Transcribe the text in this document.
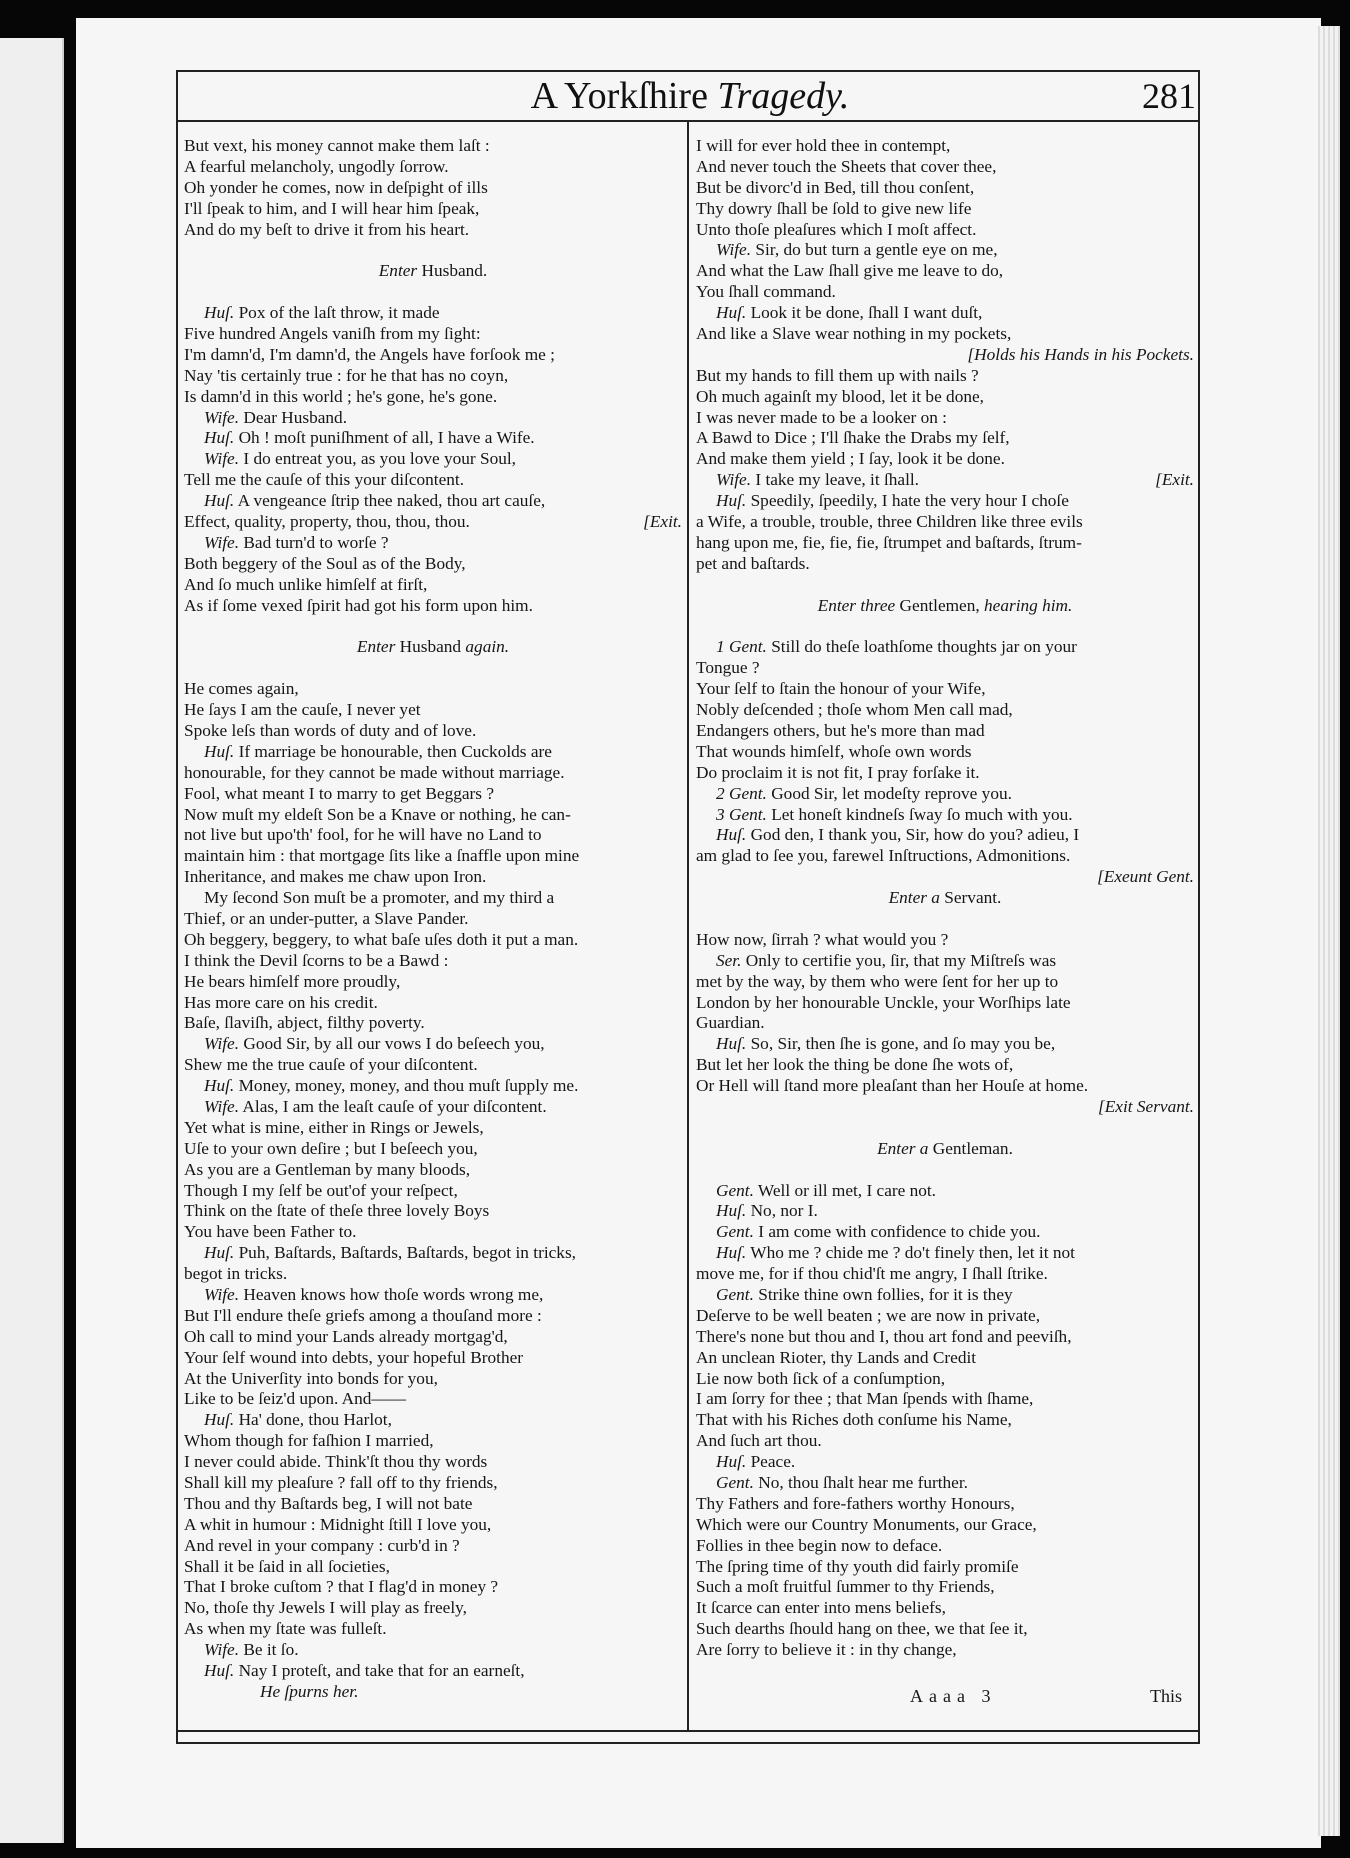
A Yorkſhire Tragedy.	281
But vext, his money cannot make them laſt :
A fearful melancholy, ungodly ſorrow.
Oh yonder he comes, now in deſpight of ills
I'll ſpeak to him, and I will hear him ſpeak,
And do my beſt to drive it from his heart.
Enter Husband.
Huſ. Pox of the laſt throw, it made
Five hundred Angels vaniſh from my ſight:
I'm damn'd, I'm damn'd, the Angels have forſook me ;
Nay 'tis certainly true : for he that has no coyn,
Is damn'd in this world ; he's gone, he's gone.
Wife. Dear Husband.
Huſ. Oh ! moſt puniſhment of all, I have a Wife.
Wife. I do entreat you, as you love your Soul,
Tell me the cauſe of this your diſcontent.
Huſ. A vengeance ſtrip thee naked, thou art cauſe,
Effect, quality, property, thou, thou, thou.	[Exit.
Wife. Bad turn'd to worſe ?
Both beggery of the Soul as of the Body,
And ſo much unlike himſelf at firſt,
As if ſome vexed ſpirit had got his form upon him.
Enter Husband again.
He comes again,
He ſays I am the cauſe, I never yet
Spoke leſs than words of duty and of love.
Huſ. If marriage be honourable, then Cuckolds are
honourable, for they cannot be made without marriage.
Fool, what meant I to marry to get Beggars ?
Now muſt my eldeſt Son be a Knave or nothing, he can-
not live but upo'th' fool, for he will have no Land to
maintain him : that mortgage ſits like a ſnaffle upon mine
Inheritance, and makes me chaw upon Iron.
My ſecond Son muſt be a promoter, and my third a
Thief, or an under-putter, a Slave Pander.
Oh beggery, beggery, to what baſe uſes doth it put a man.
I think the Devil ſcorns to be a Bawd :
He bears himſelf more proudly,
Has more care on his credit.
Baſe, ſlaviſh, abject, filthy poverty.
Wife. Good Sir, by all our vows I do beſeech you,
Shew me the true cauſe of your diſcontent.
Huſ. Money, money, money, and thou muſt ſupply me.
Wife. Alas, I am the leaſt cauſe of your diſcontent.
Yet what is mine, either in Rings or Jewels,
Uſe to your own deſire ; but I beſeech you,
As you are a Gentleman by many bloods,
Though I my ſelf be out'of your reſpect,
Think on the ſtate of theſe three lovely Boys
You have been Father to.
Huſ. Puh, Baſtards, Baſtards, Baſtards, begot in tricks,
begot in tricks.
Wife. Heaven knows how thoſe words wrong me,
But I'll endure theſe griefs among a thouſand more :
Oh call to mind your Lands already mortgag'd,
Your ſelf wound into debts, your hopeful Brother
At the Univerſity into bonds for you,
Like to be ſeiz'd upon. And——
Huſ. Ha' done, thou Harlot,
Whom though for faſhion I married,
I never could abide. Think'ſt thou thy words
Shall kill my pleaſure ? fall off to thy friends,
Thou and thy Baſtards beg, I will not bate
A whit in humour : Midnight ſtill I love you,
And revel in your company : curb'd in ?
Shall it be ſaid in all ſocieties,
That I broke cuſtom ? that I flag'd in money ?
No, thoſe thy Jewels I will play as freely,
As when my ſtate was fulleſt.
Wife. Be it ſo.
Huſ. Nay I proteſt, and take that for an earneſt,
He ſpurns her.
I will for ever hold thee in contempt,
And never touch the Sheets that cover thee,
But be divorc'd in Bed, till thou conſent,
Thy dowry ſhall be ſold to give new life
Unto thoſe pleaſures which I moſt affect.
Wife. Sir, do but turn a gentle eye on me,
And what the Law ſhall give me leave to do,
You ſhall command.
Huſ. Look it be done, ſhall I want duſt,
And like a Slave wear nothing in my pockets,
[Holds his Hands in his Pockets.
But my hands to fill them up with nails ?
Oh much againſt my blood, let it be done,
I was never made to be a looker on :
A Bawd to Dice ; I'll ſhake the Drabs my ſelf,
And make them yield ; I ſay, look it be done.
Wife. I take my leave, it ſhall.	[Exit.
Huſ. Speedily, ſpeedily, I hate the very hour I choſe
a Wife, a trouble, trouble, three Children like three evils
hang upon me, fie, fie, fie, ſtrumpet and baſtards, ſtrum-
pet and baſtards.
Enter three Gentlemen, hearing him.
1 Gent. Still do theſe loathſome thoughts jar on your
Tongue ?
Your ſelf to ſtain the honour of your Wife,
Nobly deſcended ; thoſe whom Men call mad,
Endangers others, but he's more than mad
That wounds himſelf, whoſe own words
Do proclaim it is not fit, I pray forſake it.
2 Gent. Good Sir, let modeſty reprove you.
3 Gent. Let honeſt kindneſs ſway ſo much with you.
Huſ. God den, I thank you, Sir, how do you? adieu, I
am glad to ſee you, farewel Inſtructions, Admonitions.
[Exeunt Gent.
Enter a Servant.
How now, ſirrah ? what would you ?
Ser. Only to certifie you, ſir, that my Miſtreſs was
met by the way, by them who were ſent for her up to
London by her honourable Unckle, your Worſhips late
Guardian.
Huſ. So, Sir, then ſhe is gone, and ſo may you be,
But let her look the thing be done ſhe wots of,
Or Hell will ſtand more pleaſant than her Houſe at home.
[Exit Servant.
Enter a Gentleman.
Gent. Well or ill met, I care not.
Huſ. No, nor I.
Gent. I am come with confidence to chide you.
Huſ. Who me ? chide me ? do't finely then, let it not
move me, for if thou chid'ſt me angry, I ſhall ſtrike.
Gent. Strike thine own follies, for it is they
Deſerve to be well beaten ; we are now in private,
There's none but thou and I, thou art fond and peeviſh,
An unclean Rioter, thy Lands and Credit
Lie now both ſick of a conſumption,
I am ſorry for thee ; that Man ſpends with ſhame,
That with his Riches doth conſume his Name,
And ſuch art thou.
Huſ. Peace.
Gent. No, thou ſhalt hear me further.
Thy Fathers and fore-fathers worthy Honours,
Which were our Country Monuments, our Grace,
Follies in thee begin now to deface.
The ſpring time of thy youth did fairly promiſe
Such a moſt fruitful ſummer to thy Friends,
It ſcarce can enter into mens beliefs,
Such dearths ſhould hang on thee, we that ſee it,
Are ſorry to believe it : in thy change,
Aaaa 3	This
